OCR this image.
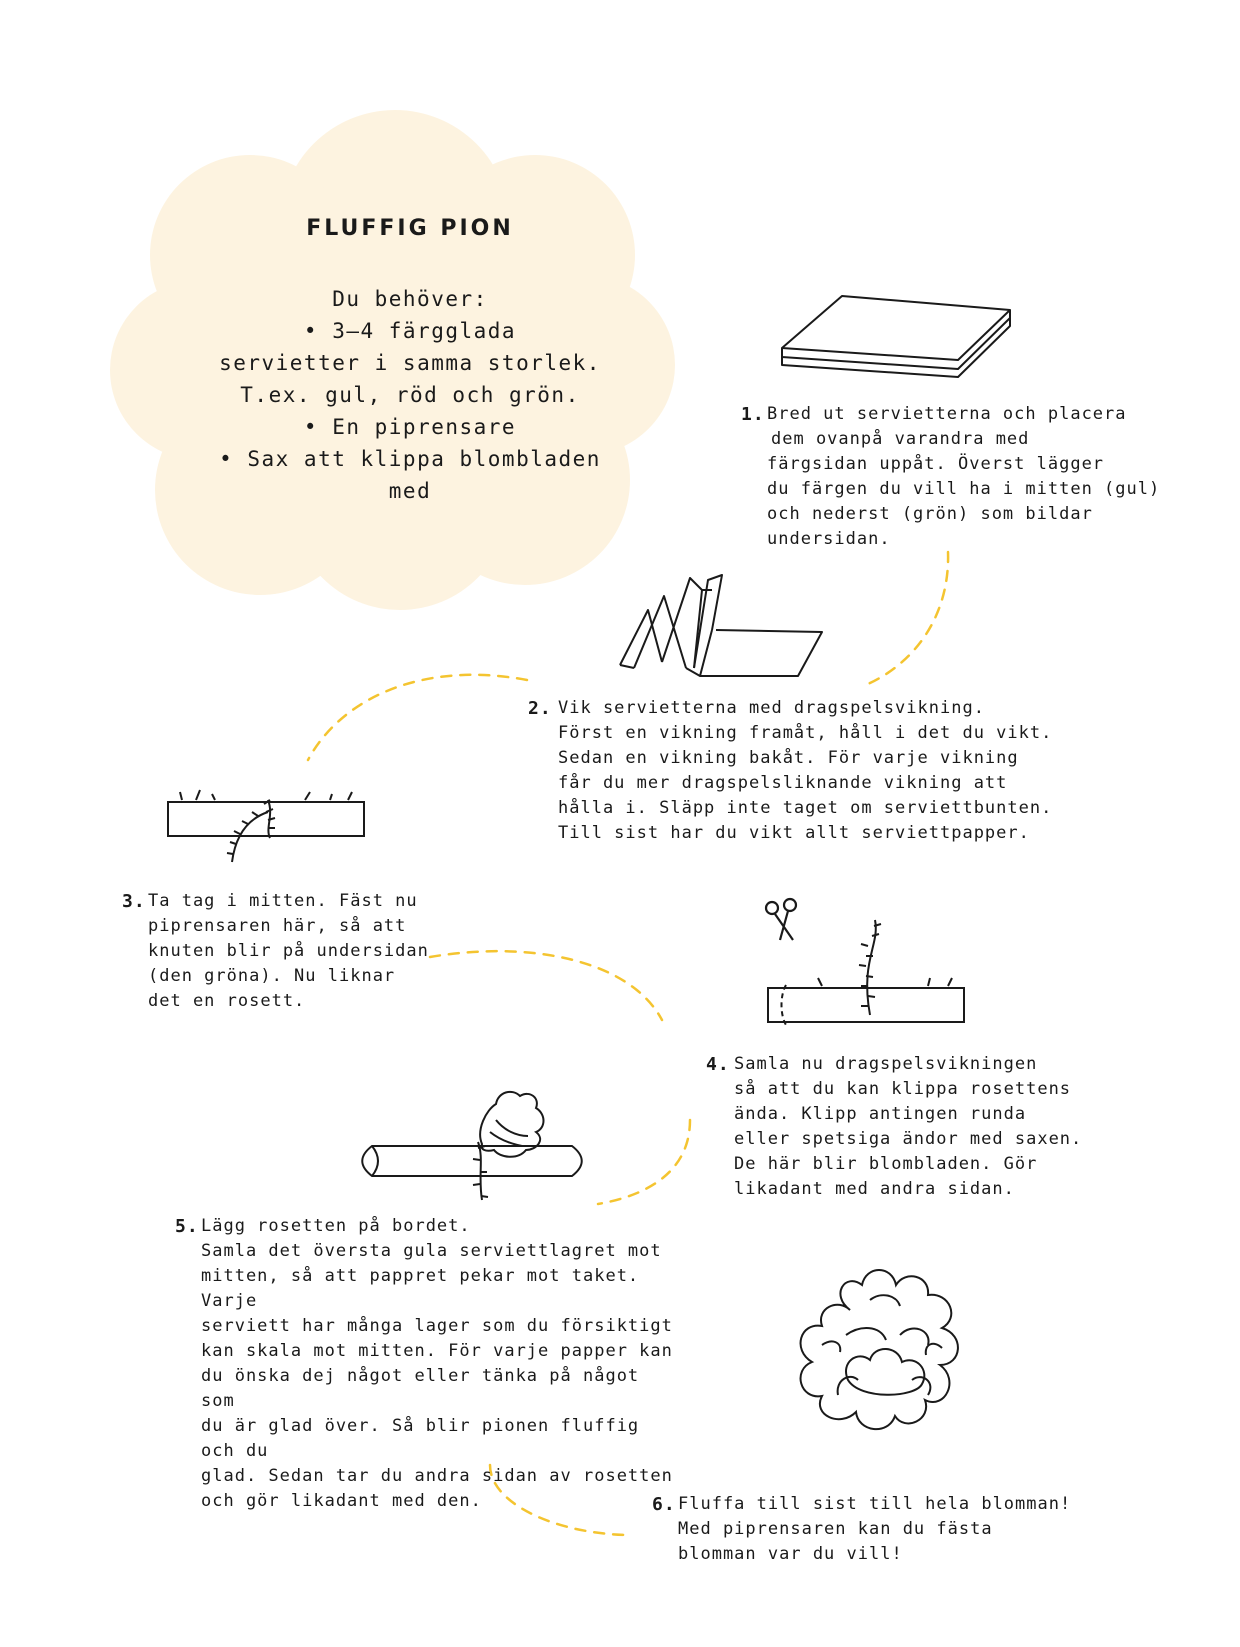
FLUFFIG PION
Du behöver:
• 3–4 färgglada
servietter i samma storlek.
T.ex. gul, röd och grön.
• En piprensare
• Sax att klippa blombladen
med
1. Bred ut servietterna och placera
dem ovanpå varandra med
färgsidan uppåt. Överst lägger
du färgen du vill ha i mitten (gul)
och nederst (grön) som bildar
undersidan.
2. Vik servietterna med dragspelsvikning.
Först en vikning framåt, håll i det du vikt.
Sedan en vikning bakåt. För varje vikning
får du mer dragspelsliknande vikning att
hålla i. Släpp inte taget om serviettbunten.
Till sist har du vikt allt serviettpapper.
3. Ta tag i mitten. Fäst nu
piprensaren här, så att
knuten blir på undersidan
(den gröna). Nu liknar
det en rosett.
4. Samla nu dragspelsvikningen
så att du kan klippa rosettens
ända. Klipp antingen runda
eller spetsiga ändor med saxen.
De här blir blombladen. Gör
likadant med andra sidan.
5. Lägg rosetten på bordet.
Samla det översta gula serviettlagret mot
mitten, så att pappret pekar mot taket. Varje
serviett har många lager som du försiktigt
kan skala mot mitten. För varje papper kan
du önska dej något eller tänka på något som
du är glad över. Så blir pionen fluffig och du
glad. Sedan tar du andra sidan av rosetten
och gör likadant med den.	6. Fluffa till sist till hela blomman!
Med piprensaren kan du fästa
blomman var du vill!
